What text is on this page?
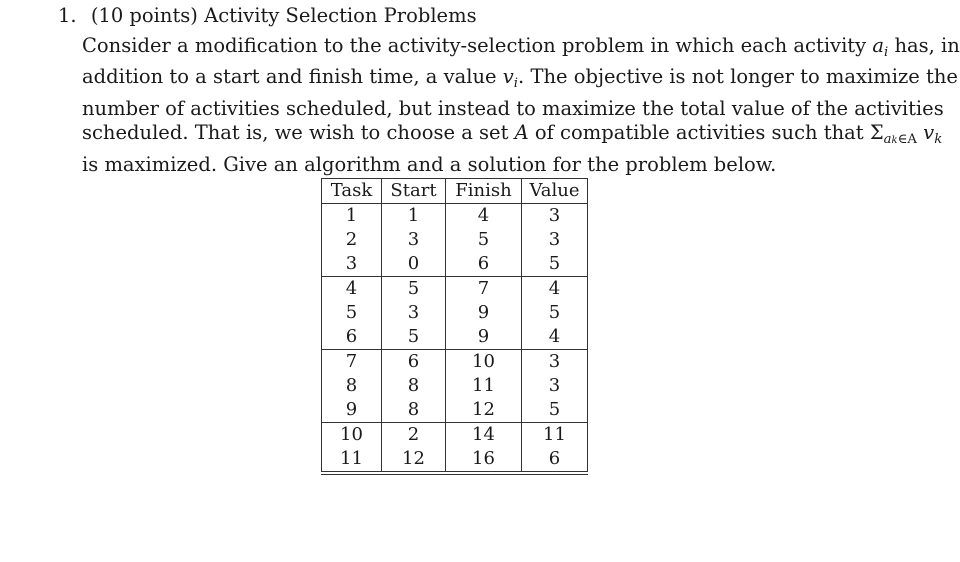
1. (10 points) Activity Selection Problems
Consider a modification to the activity-selection problem in which each activity $a_i$ has, in
addition to a start and finish time, a value $v_i$. The objective is not longer to maximize the
number of activities scheduled, but instead to maximize the total value of the activities
scheduled. That is, we wish to choose a set A of compatible activities such that $\Sigma_{ak\in A}$ $v_k$
is maximized. Give an algorithm and a solution for the problem below.
Task	Start	Finish	Value
1	1	4	3
2	3	5	3
3	0	6	5
4	5	7	4
5	3	9	5
6	5	9	4
7	6	10	3
8	8	11	3
9	8	12	5
10	2	14	11
11	12	16	6
